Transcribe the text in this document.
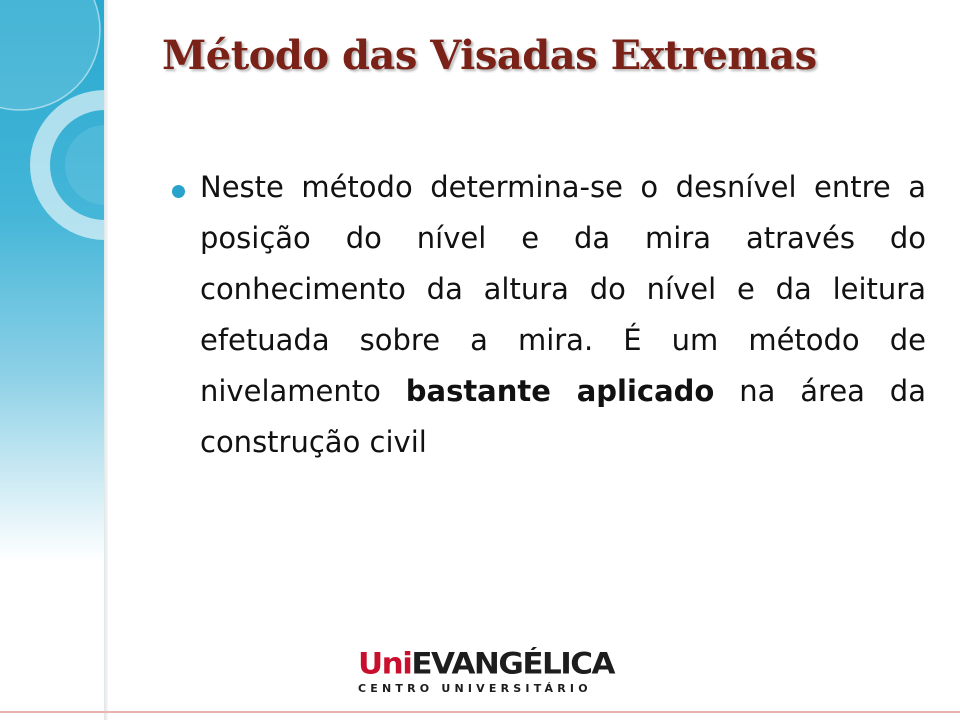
Método das Visadas Extremas

Neste método determina-se o desnível entre a posição do nível e da mira através do conhecimento da altura do nível e da leitura efetuada sobre a mira. É um método de nivelamento bastante aplicado na área da construção civil

UniEVANGÉLICA
CENTRO UNIVERSITÁRIO
